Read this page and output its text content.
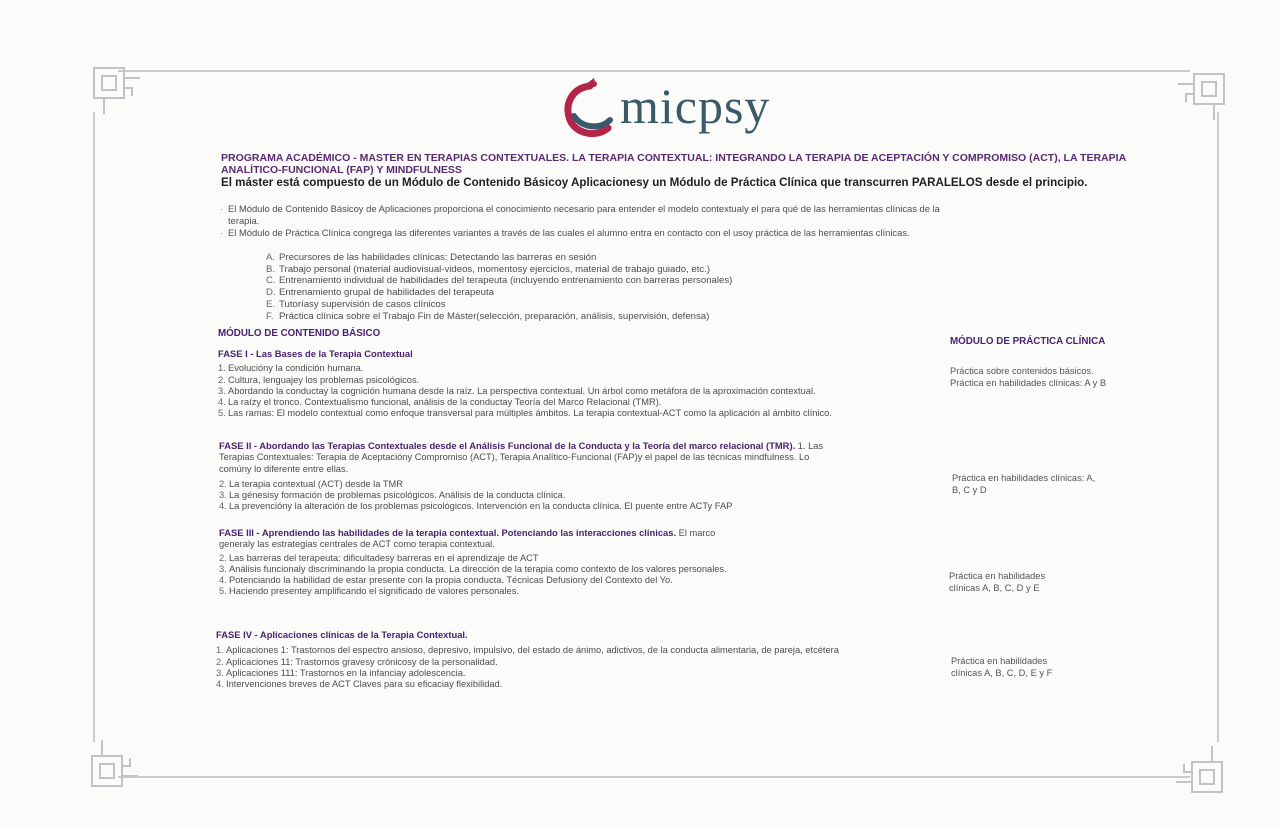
micpsy
PROGRAMA ACADÉMICO - MASTER EN TERAPIAS CONTEXTUALES. LA TERAPIA CONTEXTUAL: INTEGRANDO LA TERAPIA DE ACEPTACIÓN Y COMPROMISO (ACT), LA TERAPIA ANALÍTICO-FUNCIONAL (FAP) Y MINDFULNESS
El máster está compuesto de un Módulo de Contenido Básicoy Aplicacionesy un Módulo de Práctica Clínica que transcurren PARALELOS desde el principio.
· El Módulo de Contenido Básicoy de Aplicaciones proporciona el conocimiento necesario para entender el modelo contextualy el para qué de las herramientas clínicas de la terapia.
· El Módulo de Práctica Clínica congrega las diferentes variantes a través de las cuales el alumno entra en contacto con el usoy práctica de las herramientas clínicas.
A. Precursores de las habilidades clínicas: Detectando las barreras en sesión
B. Trabajo personal (material audiovisual-videos, momentosy ejercicios, material de trabajo guiado, etc.)
C. Entrenamiento individual de habilidades del terapeuta (incluyendo entrenamiento con barreras personales)
D. Entrenamiento grupal de habilidades del terapeuta
E. Tutoríasy supervisión de casos clínicos
F. Práctica clínica sobre el Trabajo Fin de Máster(selección, preparación, análisis, supervisión, defensa)
MÓDULO DE CONTENIDO BÁSICO
MÓDULO DE PRÁCTICA CLÍNICA
FASE I - Las Bases de la Terapia Contextual
1. Evolucióny la condición humana.
2. Cultura, lenguajey los problemas psicológicos.
3. Abordando la conductay la cognición humana desde la raíz. La perspectiva contextual. Un árbol como metáfora de la aproximación contextual.
4. La raízy el tronco. Contextualismo funcional, análisis de la conductay Teoría del Marco Relacional (TMR).
5. Las ramas: El modelo contextual como enfoque transversal para múltiples ámbitos. La terapia contextual-ACT como la aplicación al ámbito clínico.
Práctica sobre contenidos básicos. Práctica en habilidades clínicas: A y B
FASE II - Abordando las Terapias Contextuales desde el Análisis Funcional de la Conducta y la Teoría del marco relacional (TMR). 1. Las Terapias Contextuales: Terapia de Aceptacióny Compromiso (ACT), Terapia Analítico-Funcional (FAP)y el papel de las técnicas mindfulness. Lo comúny lo diferente entre ellas.
2. La terapia contextual (ACT) desde la TMR
3. La génesisy formación de problemas psicológicos. Análisis de la conducta clínica.
4. La prevencióny la alteración de los problemas psicológicos. Intervención en la conducta clínica. El puente entre ACTy FAP
Práctica en habilidades clínicas: A, B, C y D
FASE III - Aprendiendo las habilidades de la terapia contextual. Potenciando las interacciones clínicas. El marco generaly las estrategias centrales de ACT como terapia contextual.
2. Las barreras del terapeuta: dificultadesy barreras en el aprendizaje de ACT
3. Análisis funcionaly discriminando la propia conducta. La dirección de la terapia como contexto de los valores personales.
4. Potenciando la habilidad de estar presente con la propia conducta. Técnicas Defusiony del Contexto del Yo.
5. Haciendo presentey amplificando el significado de valores personales.
Práctica en habilidades clínicas A, B, C, D y E
FASE IV - Aplicaciones clínicas de la Terapia Contextual.
1. Aplicaciones 1: Trastornos del espectro ansioso, depresivo, impulsivo, del estado de ánimo, adictivos, de la conducta alimentaria, de pareja, etcétera
2. Aplicaciones 11: Trastornos gravesy crónicosy de la personalidad.
3. Aplicaciones 111: Trastornos en la infanciay adolescencia.
4. Intervenciones breves de ACT Claves para su eficaciay flexibilidad.
Práctica en habilidades clínicas A, B, C, D, E y F
